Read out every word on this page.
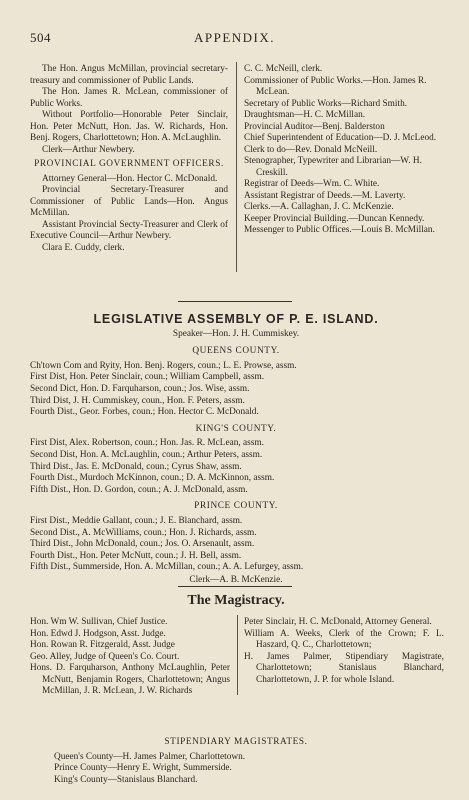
504	APPENDIX.

The Hon. Angus McMillan, provincial secretary-treasury and commissioner of Public Lands.

The Hon. James R. McLean, commissioner of Public Works.

Without Portfolio—Honorable Peter Sinclair, Hon. Peter McNutt, Hon. Jas. W. Richards, Hon. Benj. Rogers, Charlottetown; Hon. A. McLaughlin.

Clerk—Arthur Newbery.

PROVINCIAL GOVERNMENT OFFICERS.

Attorney General—Hon. Hector C. McDonald.

Provincial Secretary-Treasurer and Commissioner of Public Lands—Hon. Angus McMillan.

Assistant Provincial Secty-Treasurer and Clerk of Executive Council—Arthur Newbery.

Clara E. Cuddy, clerk.

C. C. McNeill, clerk.

Commissioner of Public Works.—Hon. James R. McLean.

Secretary of Public Works—Richard Smith.

Draughtsman—H. C. McMillan.

Provincial Auditor—Benj. Balderston

Chief Superintendent of Education—D. J. McLeod.

Clerk to do—Rev. Donald McNeill.

Stenographer, Typewriter and Librarian—W. H. Creskill.

Registrar of Deeds—Wm. C. White.

Assistant Registrar of Deeds.—M. Laverty.

Clerks.—A. Callaghan, J. C. McKenzie.

Keeper Provincial Building.—Duncan Kennedy.

Messenger to Public Offices.—Louis B. McMillan.

LEGISLATIVE ASSEMBLY OF P. E. ISLAND.

Speaker—Hon. J. H. Cummiskey.

QUEENS COUNTY.

Ch'town Com and Ryity, Hon. Benj. Rogers, coun.; L. E. Prowse, assm.

First Dist, Hon. Peter Sinclair, coun.; William Campbell, assm.

Second Dict, Hon. D. Farquharson, coun.; Jos. Wise, assm.

Third Dist, J. H. Cummiskey, coun., Hon. F. Peters, assm.

Fourth Dist., Geor. Forbes, coun.; Hon. Hector C. McDonald.

KING'S COUNTY.

First Dist, Alex. Robertson, coun.; Hon. Jas. R. McLean, assm.

Second Dist, Hon. A. McLaughlin, coun.; Arthur Peters, assm.

Third Dist., Jas. E. McDonald, coun.; Cyrus Shaw, assm.

Fourth Dist., Murdoch McKinnon, coun.; D. A. McKinnon, assm.

Fifth Dist., Hon. D. Gordon, coun.; A. J. McDonald, assm.

PRINCE COUNTY.

First Dist., Meddie Gallant, coun.; J. E. Blanchard, assm.

Second Dist., A. McWilliams, coun.; Hon. J. Richards, assm.

Third Dist., John McDonald, coun.; Jos. O. Arsenault, assm.

Fourth Dist., Hon. Peter McNutt, coun.; J. H. Bell, assm.

Fifth Dist., Summerside, Hon. A. McMillan, coun.; A. A. Lefurgey, assm.

Clerk—A. B. McKenzie.

The Magistracy.

Hon. Wm W. Sullivan, Chief Justice.

Hon. Edwd J. Hodgson, Asst. Judge.

Hon. Rowan R. Fitzgerald, Asst. Judge

Geo. Alley, Judge of Queen's Co. Court.

Hons. D. Farquharson, Anthony McLaughlin, Peter McNutt, Benjamin Rogers, Charlottetown; Angus McMillan, J. R. McLean, J. W. Richards

Peter Sinclair, H. C. McDonald, Attorney General.

William A. Weeks, Clerk of the Crown; F. L. Haszard, Q. C., Charlottetown;

H. James Palmer, Stipendiary Magistrate, Charlottetown; Stanislaus Blanchard, Charlottetown, J. P. for whole Island.

STIPENDIARY MAGISTRATES.

Queen's County—H. James Palmer, Charlottetown.

Prince County—Henry E. Wright, Summerside.

King's County—Stanislaus Blanchard.
